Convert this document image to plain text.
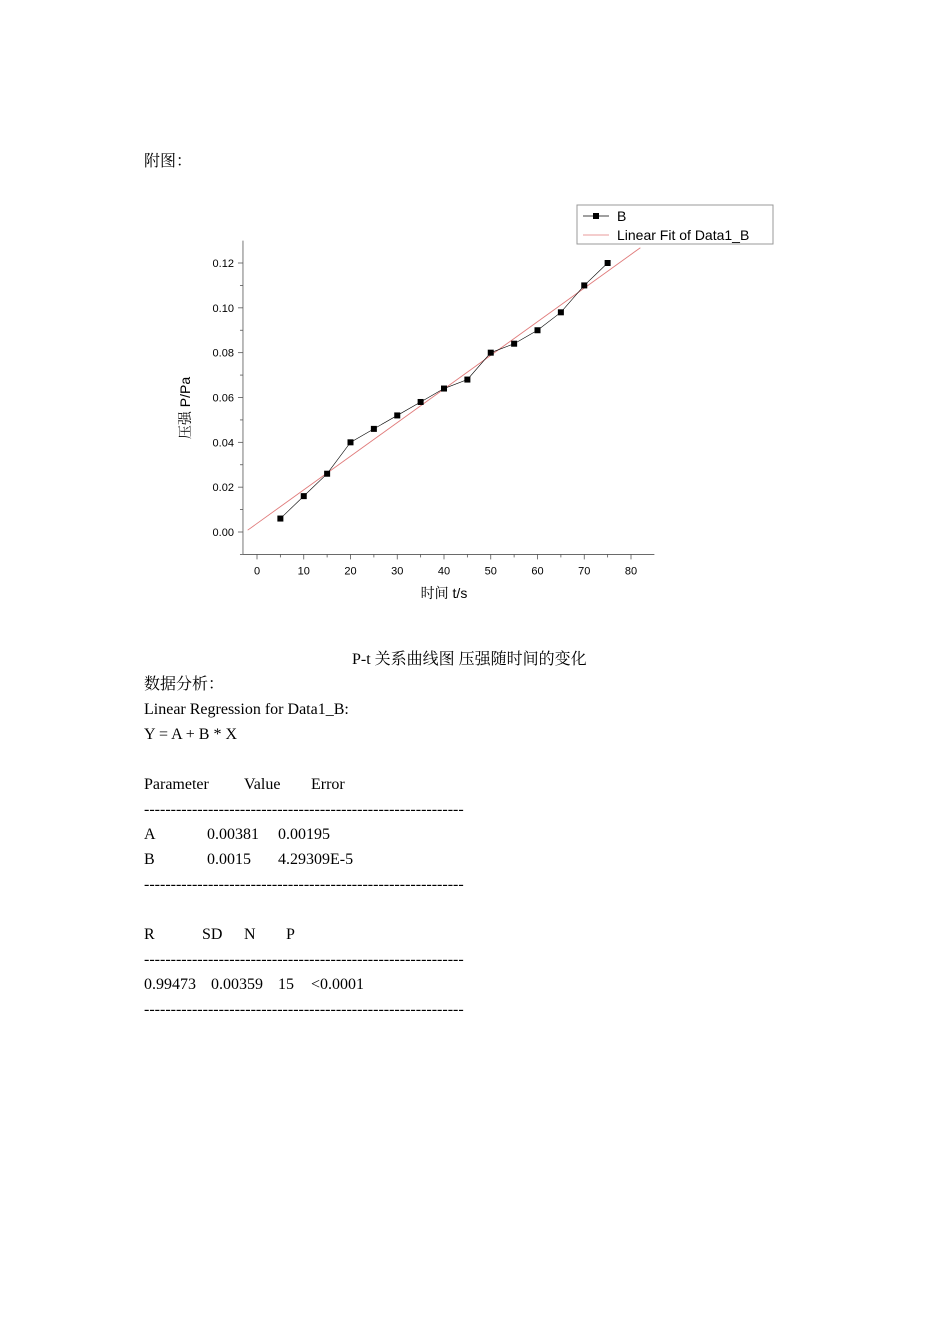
附图：
0	10	20	30	40	50	60	70	80
0.00
0.02
0.04
0.06
0.08
0.10
0.12
时间 t/s
压强 P/Pa
B
Linear Fit of Data1_B
P-t 关系曲线图 压强随时间的变化
数据分析：
Linear Regression for Data1_B:
Y = A + B * X
Parameter Value Error
------------------------------------------------------------
A	0.00381 0.00195
B	0.0015 4.29309E-5
------------------------------------------------------------
R	SD N P
------------------------------------------------------------
0.99473 0.00359 15 <0.0001
------------------------------------------------------------
